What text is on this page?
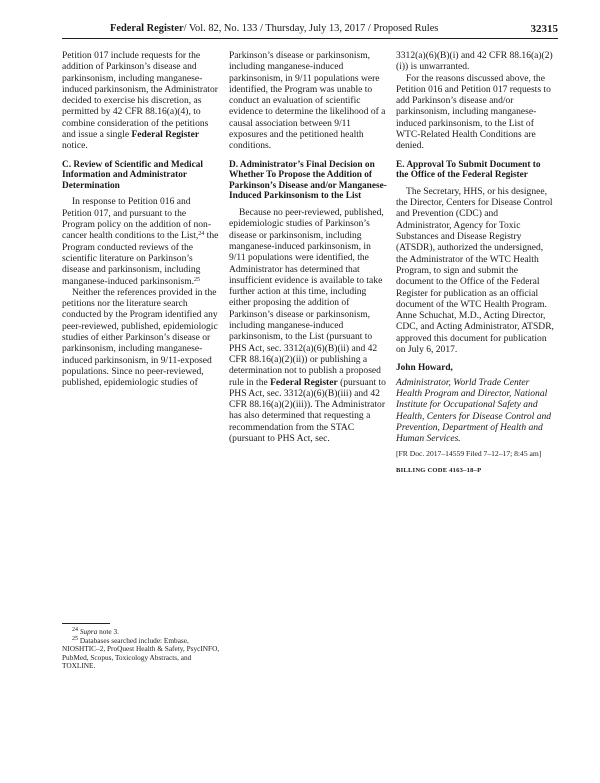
Federal Register/ Vol. 82, No. 133 / Thursday, July 13, 2017 / Proposed Rules	32315

Petition 017 include requests for the addition of Parkinson’s disease and parkinsonism, including manganese-induced parkinsonism, the Administrator decided to exercise his discretion, as permitted by 42 CFR 88.16(a)(4), to combine consideration of the petitions and issue a single Federal Register notice.

C. Review of Scientific and Medical Information and Administrator Determination

In response to Petition 016 and Petition 017, and pursuant to the Program policy on the addition of non-cancer health conditions to the List,$^{24}$ the Program conducted reviews of the scientific literature on Parkinson’s disease and parkinsonism, including manganese-induced parkinsonism.$^{25}$

Neither the references provided in the petitions nor the literature search conducted by the Program identified any peer-reviewed, published, epidemiologic studies of either Parkinson’s disease or parkinsonism, including manganese-induced parkinsonism, in 9/11-exposed populations. Since no peer-reviewed, published, epidemiologic studies of

$^{24}$ Supra note 3.
$^{25}$ Databases searched include: Embase, NIOSHTIC–2, ProQuest Health & Safety, PsycINFO, PubMed, Scopus, Toxicology Abstracts, and TOXLINE.

Parkinson’s disease or parkinsonism, including manganese-induced parkinsonism, in 9/11 populations were identified, the Program was unable to conduct an evaluation of scientific evidence to determine the likelihood of a causal association between 9/11 exposures and the petitioned health conditions.

D. Administrator’s Final Decision on Whether To Propose the Addition of Parkinson’s Disease and/or Manganese-Induced Parkinsonism to the List

Because no peer-reviewed, published, epidemiologic studies of Parkinson’s disease or parkinsonism, including manganese-induced parkinsonism, in 9/11 populations were identified, the Administrator has determined that insufficient evidence is available to take further action at this time, including either proposing the addition of Parkinson’s disease or parkinsonism, including manganese-induced parkinsonism, to the List (pursuant to PHS Act, sec. 3312(a)(6)(B)(ii) and 42 CFR 88.16(a)(2)(ii)) or publishing a determination not to publish a proposed rule in the Federal Register (pursuant to PHS Act, sec. 3312(a)(6)(B)(iii) and 42 CFR 88.16(a)(2)(iii)). The Administrator has also determined that requesting a recommendation from the STAC (pursuant to PHS Act, sec.

3312(a)(6)(B)(i) and 42 CFR 88.16(a)(2)(i)) is unwarranted.

For the reasons discussed above, the Petition 016 and Petition 017 requests to add Parkinson’s disease and/or parkinsonism, including manganese-induced parkinsonism, to the List of WTC-Related Health Conditions are denied.

E. Approval To Submit Document to the Office of the Federal Register

The Secretary, HHS, or his designee, the Director, Centers for Disease Control and Prevention (CDC) and Administrator, Agency for Toxic Substances and Disease Registry (ATSDR), authorized the undersigned, the Administrator of the WTC Health Program, to sign and submit the document to the Office of the Federal Register for publication as an official document of the WTC Health Program. Anne Schuchat, M.D., Acting Director, CDC, and Acting Administrator, ATSDR, approved this document for publication on July 6, 2017.

John Howard,
Administrator, World Trade Center Health Program and Director, National Institute for Occupational Safety and Health, Centers for Disease Control and Prevention, Department of Health and Human Services.
[FR Doc. 2017–14559 Filed 7–12–17; 8:45 am]
BILLING CODE 4163–18–P
